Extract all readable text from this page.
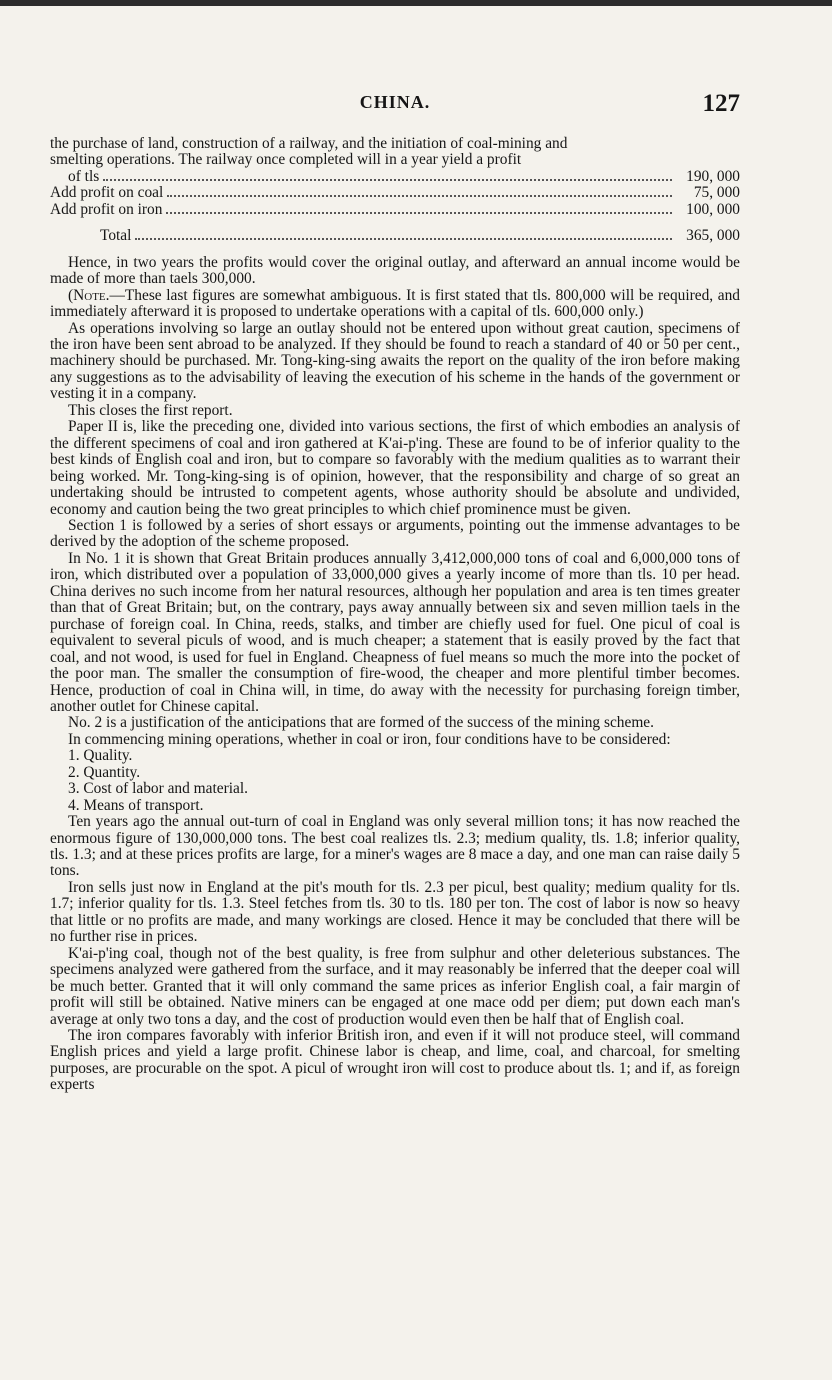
CHINA.	127

the purchase of land, construction of a railway, and the initiation of coal-mining and

smelting operations. The railway once completed will in a year yield a profit

of tls	190, 000
Add profit on coal	75, 000
Add profit on iron	100, 000
Total	365, 000

Hence, in two years the profits would cover the original outlay, and afterward an annual income would be made of more than taels 300,000.

(Note.—These last figures are somewhat ambiguous. It is first stated that tls. 800,000 will be required, and immediately afterward it is proposed to undertake operations with a capital of tls. 600,000 only.)

As operations involving so large an outlay should not be entered upon without great caution, specimens of the iron have been sent abroad to be analyzed. If they should be found to reach a standard of 40 or 50 per cent., machinery should be purchased. Mr. Tong-king-sing awaits the report on the quality of the iron before making any suggestions as to the advisability of leaving the execution of his scheme in the hands of the government or vesting it in a company.

This closes the first report.

Paper II is, like the preceding one, divided into various sections, the first of which embodies an analysis of the different specimens of coal and iron gathered at K'ai-p'ing. These are found to be of inferior quality to the best kinds of English coal and iron, but to compare so favorably with the medium qualities as to warrant their being worked. Mr. Tong-king-sing is of opinion, however, that the responsibility and charge of so great an undertaking should be intrusted to competent agents, whose authority should be absolute and undivided, economy and caution being the two great principles to which chief prominence must be given.

Section 1 is followed by a series of short essays or arguments, pointing out the immense advantages to be derived by the adoption of the scheme proposed.

In No. 1 it is shown that Great Britain produces annually 3,412,000,000 tons of coal and 6,000,000 tons of iron, which distributed over a population of 33,000,000 gives a yearly income of more than tls. 10 per head. China derives no such income from her natural resources, although her population and area is ten times greater than that of Great Britain; but, on the contrary, pays away annually between six and seven million taels in the purchase of foreign coal. In China, reeds, stalks, and timber are chiefly used for fuel. One picul of coal is equivalent to several piculs of wood, and is much cheaper; a statement that is easily proved by the fact that coal, and not wood, is used for fuel in England. Cheapness of fuel means so much the more into the pocket of the poor man. The smaller the consumption of fire-wood, the cheaper and more plentiful timber becomes. Hence, production of coal in China will, in time, do away with the necessity for purchasing foreign timber, another outlet for Chinese capital.

No. 2 is a justification of the anticipations that are formed of the success of the mining scheme.

In commencing mining operations, whether in coal or iron, four conditions have to be considered:

1. Quality.

2. Quantity.

3. Cost of labor and material.

4. Means of transport.

Ten years ago the annual out-turn of coal in England was only several million tons; it has now reached the enormous figure of 130,000,000 tons. The best coal realizes tls. 2.3; medium quality, tls. 1.8; inferior quality, tls. 1.3; and at these prices profits are large, for a miner's wages are 8 mace a day, and one man can raise daily 5 tons.

Iron sells just now in England at the pit's mouth for tls. 2.3 per picul, best quality; medium quality for tls. 1.7; inferior quality for tls. 1.3. Steel fetches from tls. 30 to tls. 180 per ton. The cost of labor is now so heavy that little or no profits are made, and many workings are closed. Hence it may be concluded that there will be no further rise in prices.

K'ai-p'ing coal, though not of the best quality, is free from sulphur and other deleterious substances. The specimens analyzed were gathered from the surface, and it may reasonably be inferred that the deeper coal will be much better. Granted that it will only command the same prices as inferior English coal, a fair margin of profit will still be obtained. Native miners can be engaged at one mace odd per diem; put down each man's average at only two tons a day, and the cost of production would even then be half that of English coal.

The iron compares favorably with inferior British iron, and even if it will not produce steel, will command English prices and yield a large profit. Chinese labor is cheap, and lime, coal, and charcoal, for smelting purposes, are procurable on the spot. A picul of wrought iron will cost to produce about tls. 1; and if, as foreign experts
